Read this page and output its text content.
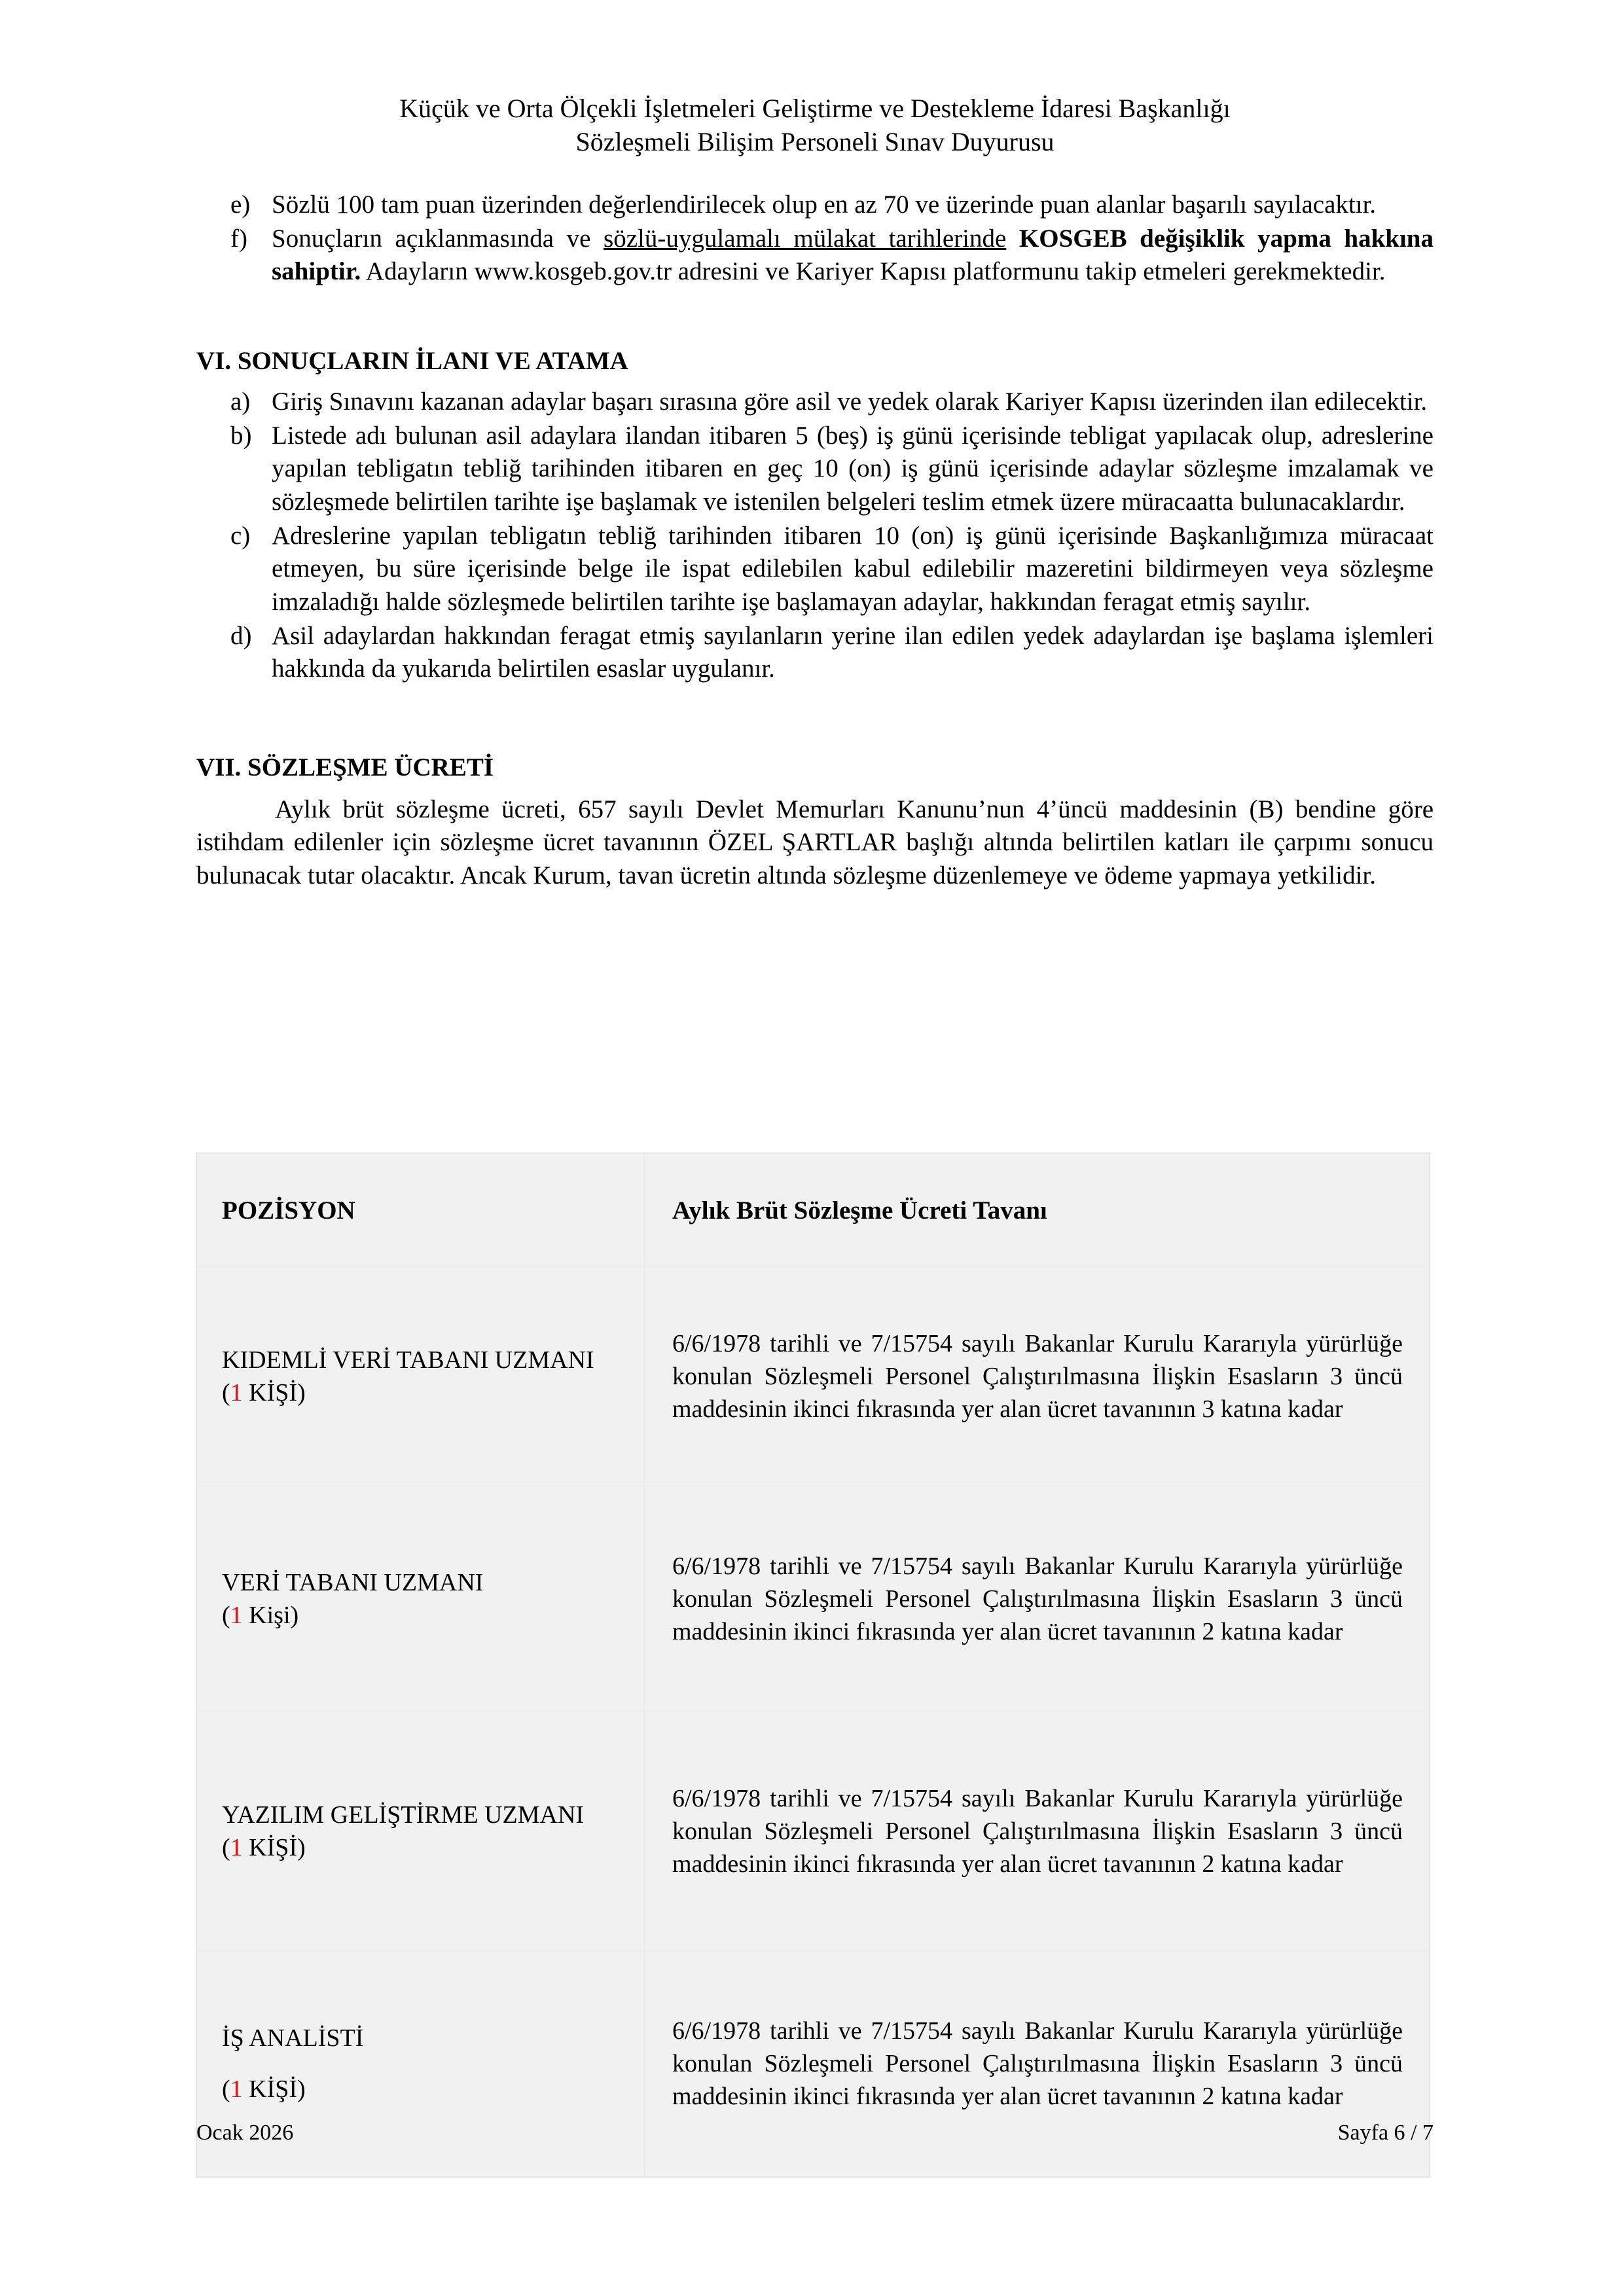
Küçük ve Orta Ölçekli İşletmeleri Geliştirme ve Destekleme İdaresi Başkanlığı
Sözleşmeli Bilişim Personeli Sınav Duyurusu
e) Sözlü 100 tam puan üzerinden değerlendirilecek olup en az 70 ve üzerinde puan alanlar başarılı sayılacaktır.
f) Sonuçların açıklanmasında ve sözlü-uygulamalı mülakat tarihlerinde KOSGEB değişiklik yapma hakkına sahiptir. Adayların www.kosgeb.gov.tr adresini ve Kariyer Kapısı platformunu takip etmeleri gerekmektedir.
VI. SONUÇLARIN İLANI VE ATAMA
a) Giriş Sınavını kazanan adaylar başarı sırasına göre asil ve yedek olarak Kariyer Kapısı üzerinden ilan edilecektir.
b) Listede adı bulunan asil adaylara ilandan itibaren 5 (beş) iş günü içerisinde tebligat yapılacak olup, adreslerine yapılan tebligatın tebliğ tarihinden itibaren en geç 10 (on) iş günü içerisinde adaylar sözleşme imzalamak ve sözleşmede belirtilen tarihte işe başlamak ve istenilen belgeleri teslim etmek üzere müracaatta bulunacaklardır.
c) Adreslerine yapılan tebligatın tebliğ tarihinden itibaren 10 (on) iş günü içerisinde Başkanlığımıza müracaat etmeyen, bu süre içerisinde belge ile ispat edilebilen kabul edilebilir mazeretini bildirmeyen veya sözleşme imzaladığı halde sözleşmede belirtilen tarihte işe başlamayan adaylar, hakkından feragat etmiş sayılır.
d) Asil adaylardan hakkından feragat etmiş sayılanların yerine ilan edilen yedek adaylardan işe başlama işlemleri hakkında da yukarıda belirtilen esaslar uygulanır.
VII. SÖZLEŞME ÜCRETİ

Aylık brüt sözleşme ücreti, 657 sayılı Devlet Memurları Kanunu’nun 4’üncü maddesinin (B) bendine göre istihdam edilenler için sözleşme ücret tavanının ÖZEL ŞARTLAR başlığı altında belirtilen katları ile çarpımı sonucu bulunacak tutar olacaktır. Ancak Kurum, tavan ücretin altında sözleşme düzenlemeye ve ödeme yapmaya yetkilidir.

POZİSYON	Aylık Brüt Sözleşme Ücreti Tavanı

KIDEMLİ VERİ TABANI UZMANI
(1 KİŞİ)	6/6/1978 tarihli ve 7/15754 sayılı Bakanlar Kurulu Kararıyla yürürlüğe konulan Sözleşmeli Personel Çalıştırılmasına İlişkin Esasların 3 üncü maddesinin ikinci fıkrasında yer alan ücret tavanının 3 katına kadar

VERİ TABANI UZMANI
(1 Kişi)	6/6/1978 tarihli ve 7/15754 sayılı Bakanlar Kurulu Kararıyla yürürlüğe konulan Sözleşmeli Personel Çalıştırılmasına İlişkin Esasların 3 üncü maddesinin ikinci fıkrasında yer alan ücret tavanının 2 katına kadar

YAZILIM GELİŞTİRME UZMANI
(1 KİŞİ)	6/6/1978 tarihli ve 7/15754 sayılı Bakanlar Kurulu Kararıyla yürürlüğe konulan Sözleşmeli Personel Çalıştırılmasına İlişkin Esasların 3 üncü maddesinin ikinci fıkrasında yer alan ücret tavanının 2 katına kadar

İŞ ANALİSTİ
(1 KİŞİ)	6/6/1978 tarihli ve 7/15754 sayılı Bakanlar Kurulu Kararıyla yürürlüğe konulan Sözleşmeli Personel Çalıştırılmasına İlişkin Esasların 3 üncü maddesinin ikinci fıkrasında yer alan ücret tavanının 2 katına kadar
Ocak 2026	Sayfa 6 / 7
